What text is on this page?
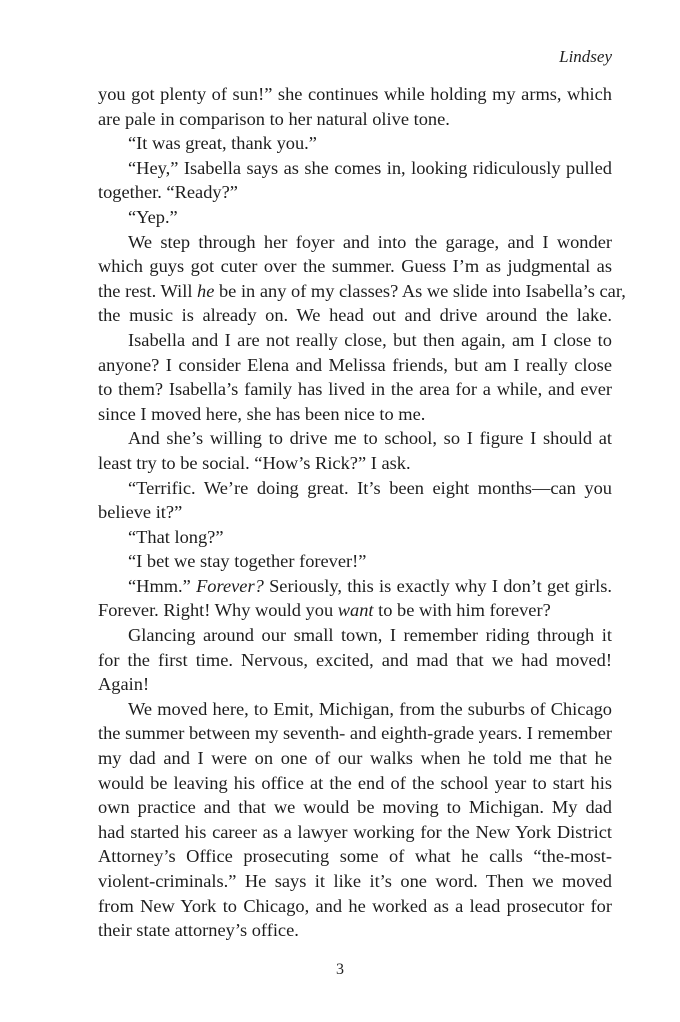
Lindsey
you got plenty of sun!” she continues while holding my arms, which
are pale in comparison to her natural olive tone.
“It was great, thank you.”
“Hey,” Isabella says as she comes in, looking ridiculously pulled
together. “Ready?”
“Yep.”
We step through her foyer and into the garage, and I wonder
which guys got cuter over the summer. Guess I’m as judgmental as
the rest. Will he be in any of my classes? As we slide into Isabella’s car,
the music is already on. We head out and drive around the lake.
Isabella and I are not really close, but then again, am I close to
anyone? I consider Elena and Melissa friends, but am I really close
to them? Isabella’s family has lived in the area for a while, and ever
since I moved here, she has been nice to me.
And she’s willing to drive me to school, so I figure I should at
least try to be social. “How’s Rick?” I ask.
“Terrific. We’re doing great. It’s been eight months—can you
believe it?”
“That long?”
“I bet we stay together forever!”
“Hmm.” Forever? Seriously, this is exactly why I don’t get girls.
Forever. Right! Why would you want to be with him forever?
Glancing around our small town, I remember riding through it
for the first time. Nervous, excited, and mad that we had moved!
Again!
We moved here, to Emit, Michigan, from the suburbs of Chicago
the summer between my seventh- and eighth-grade years. I remember
my dad and I were on one of our walks when he told me that he
would be leaving his office at the end of the school year to start his
own practice and that we would be moving to Michigan. My dad
had started his career as a lawyer working for the New York District
Attorney’s Office prosecuting some of what he calls “the-most-
violent-criminals.” He says it like it’s one word. Then we moved
from New York to Chicago, and he worked as a lead prosecutor for
their state attorney’s office.
3
